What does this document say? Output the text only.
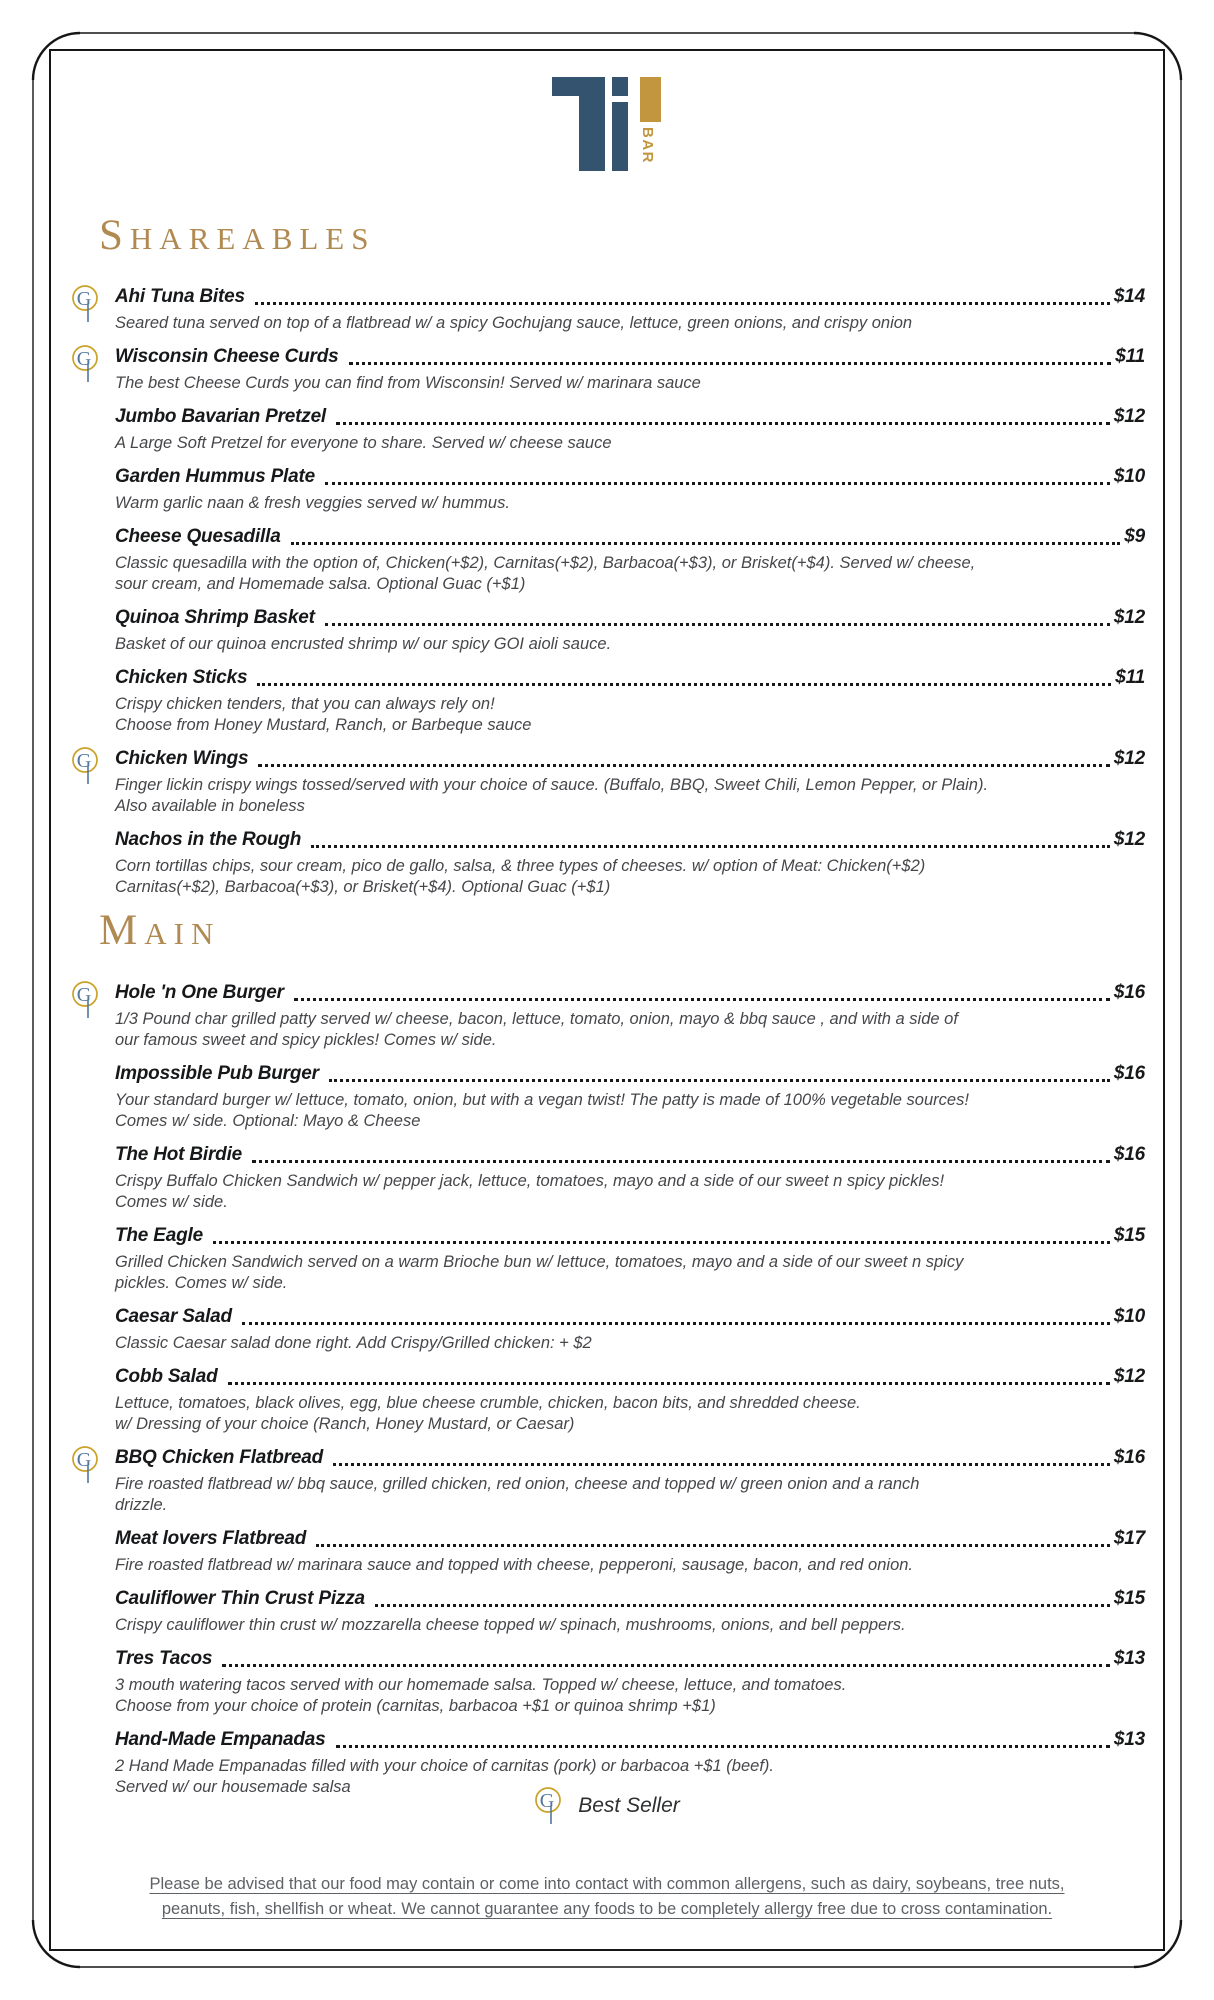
BAR
SHAREABLES
G Ahi Tuna Bites	$14
Seared tuna served on top of a flatbread w/ a spicy Gochujang sauce, lettuce, green onions, and crispy onion
G Wisconsin Cheese Curds	$11
The best Cheese Curds you can find from Wisconsin! Served w/ marinara sauce
Jumbo Bavarian Pretzel	$12
A Large Soft Pretzel for everyone to share. Served w/ cheese sauce
Garden Hummus Plate	$10
Warm garlic naan & fresh veggies served w/ hummus.
Cheese Quesadilla	$9
Classic quesadilla with the option of, Chicken(+$2), Carnitas(+$2), Barbacoa(+$3), or Brisket(+$4). Served w/ cheese,
sour cream, and Homemade salsa. Optional Guac (+$1)
Quinoa Shrimp Basket	$12
Basket of our quinoa encrusted shrimp w/ our spicy GOI aioli sauce.
Chicken Sticks	$11
Crispy chicken tenders, that you can always rely on!
Choose from Honey Mustard, Ranch, or Barbeque sauce
G Chicken Wings	$12
Finger lickin crispy wings tossed/served with your choice of sauce. (Buffalo, BBQ, Sweet Chili, Lemon Pepper, or Plain).
Also available in boneless
Nachos in the Rough	$12
Corn tortillas chips, sour cream, pico de gallo, salsa, & three types of cheeses. w/ option of Meat: Chicken(+$2)
Carnitas(+$2), Barbacoa(+$3), or Brisket(+$4). Optional Guac (+$1)
MAIN
G Hole 'n One Burger	$16
1/3 Pound char grilled patty served w/ cheese, bacon, lettuce, tomato, onion, mayo & bbq sauce , and with a side of
our famous sweet and spicy pickles! Comes w/ side.
Impossible Pub Burger	$16
Your standard burger w/ lettuce, tomato, onion, but with a vegan twist! The patty is made of 100% vegetable sources!
Comes w/ side. Optional: Mayo & Cheese
The Hot Birdie	$16
Crispy Buffalo Chicken Sandwich w/ pepper jack, lettuce, tomatoes, mayo and a side of our sweet n spicy pickles!
Comes w/ side.
The Eagle	$15
Grilled Chicken Sandwich served on a warm Brioche bun w/ lettuce, tomatoes, mayo and a side of our sweet n spicy
pickles. Comes w/ side.
Caesar Salad	$10
Classic Caesar salad done right. Add Crispy/Grilled chicken: + $2
Cobb Salad	$12
Lettuce, tomatoes, black olives, egg, blue cheese crumble, chicken, bacon bits, and shredded cheese.
w/ Dressing of your choice (Ranch, Honey Mustard, or Caesar)
G BBQ Chicken Flatbread	$16
Fire roasted flatbread w/ bbq sauce, grilled chicken, red onion, cheese and topped w/ green onion and a ranch
drizzle.
Meat lovers Flatbread	$17
Fire roasted flatbread w/ marinara sauce and topped with cheese, pepperoni, sausage, bacon, and red onion.
Cauliflower Thin Crust Pizza	$15
Crispy cauliflower thin crust w/ mozzarella cheese topped w/ spinach, mushrooms, onions, and bell peppers.
Tres Tacos	$13
3 mouth watering tacos served with our homemade salsa. Topped w/ cheese, lettuce, and tomatoes.
Choose from your choice of protein (carnitas, barbacoa +$1 or quinoa shrimp +$1)
Hand-Made Empanadas	$13
2 Hand Made Empanadas filled with your choice of carnitas (pork) or barbacoa +$1 (beef).
Served w/ our housemade salsa
G Best Seller
Please be advised that our food may contain or come into contact with common allergens, such as dairy, soybeans, tree nuts,
peanuts, fish, shellfish or wheat. We cannot guarantee any foods to be completely allergy free due to cross contamination.
